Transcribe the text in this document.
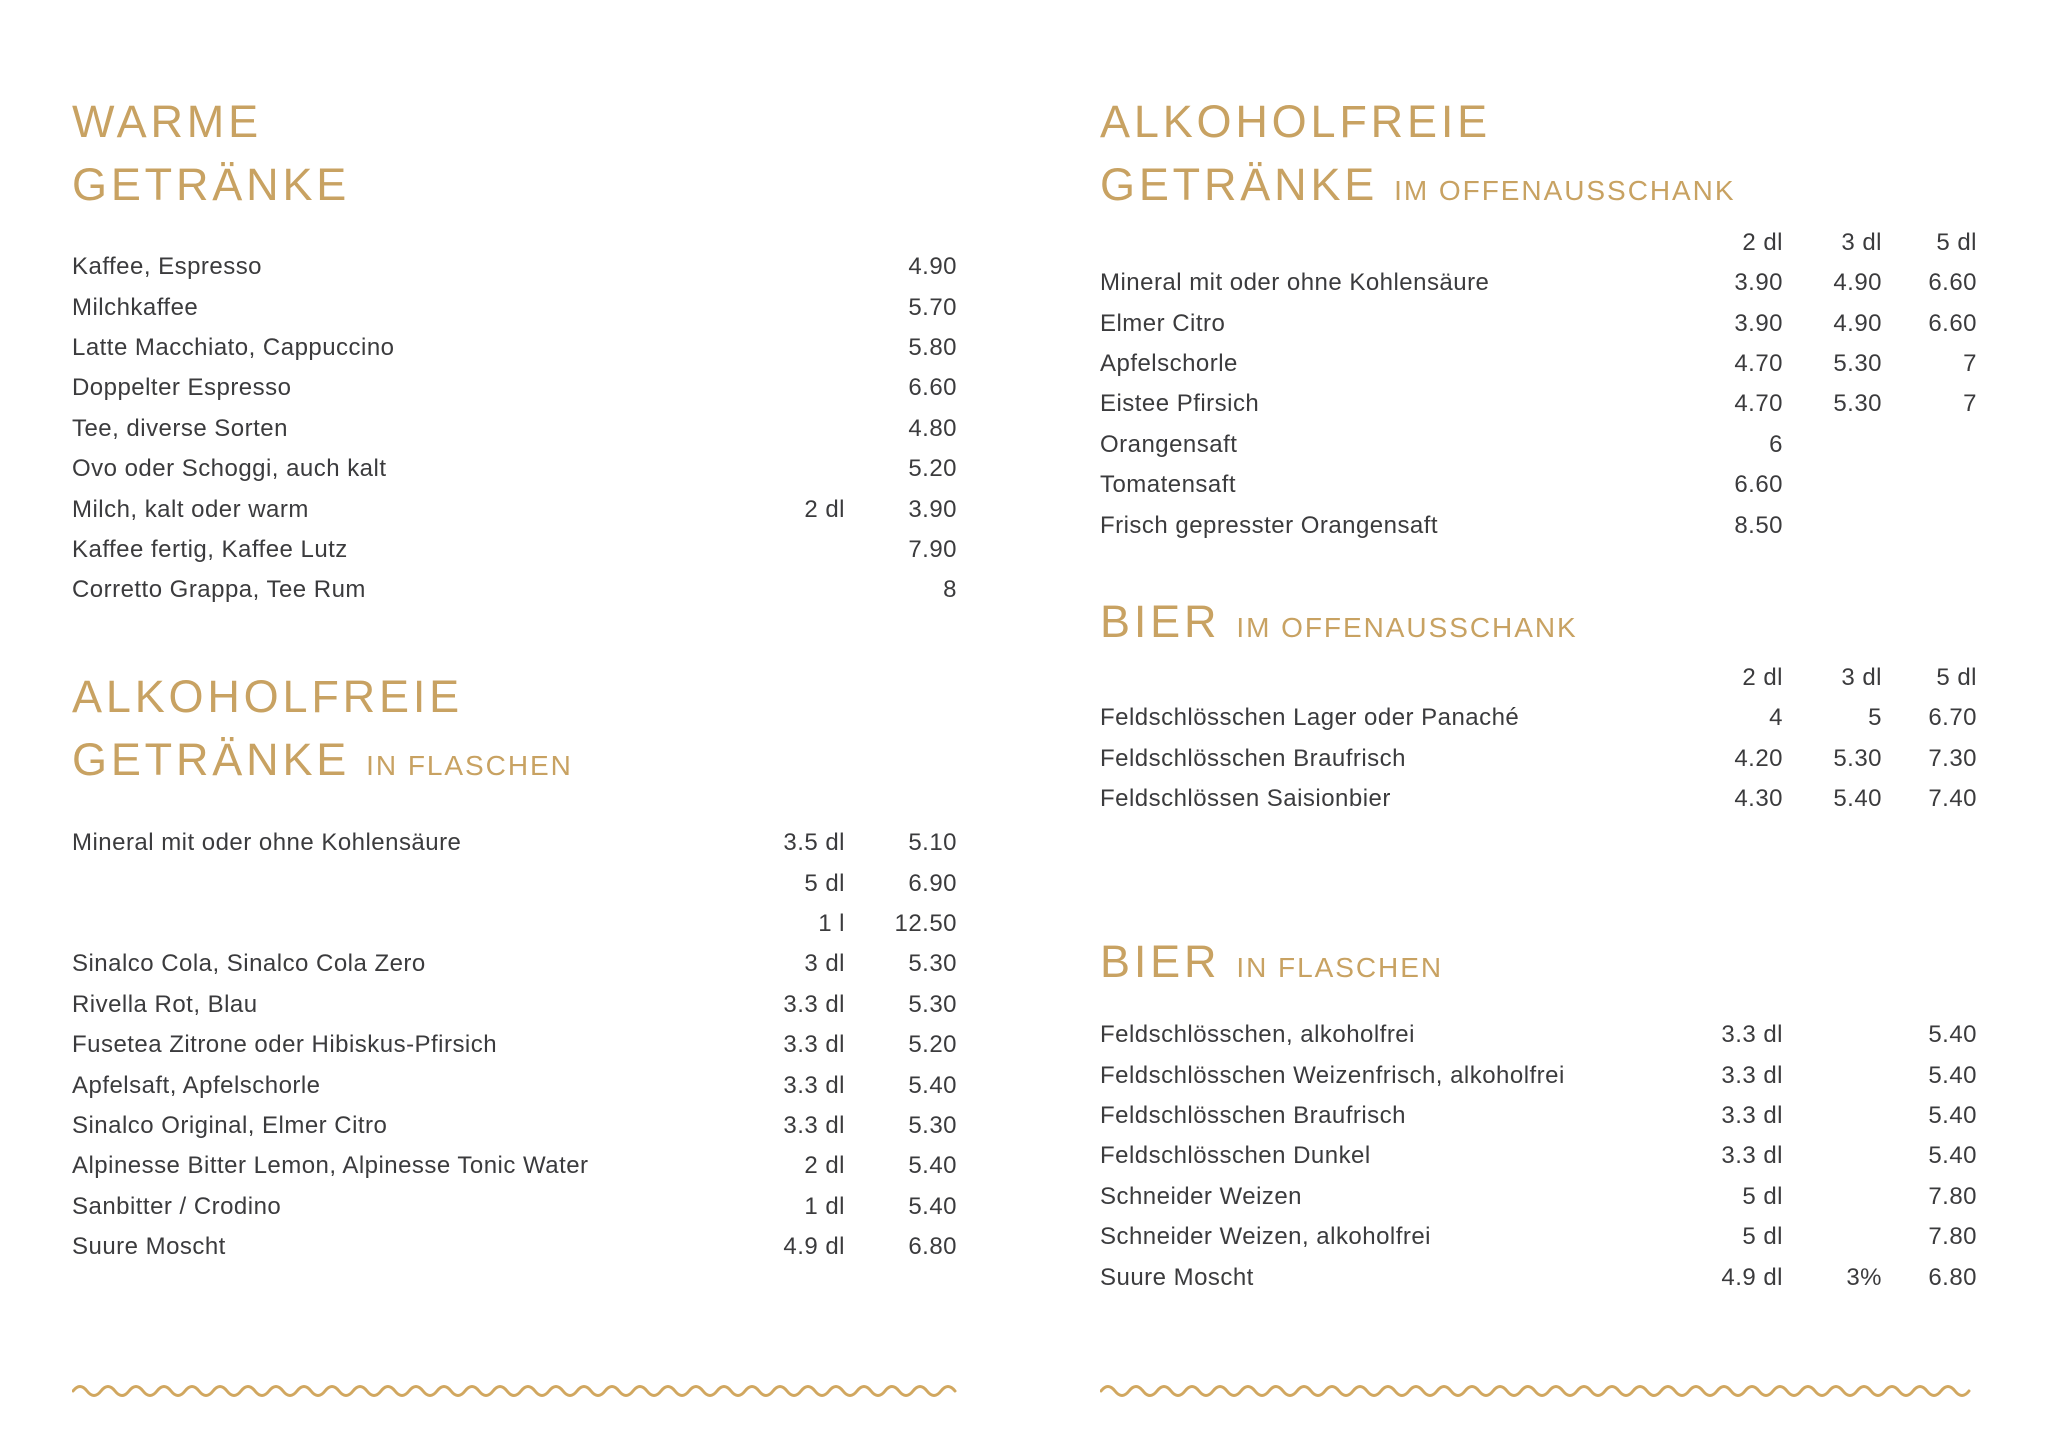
WARME
GETRÄNKE
Kaffee, Espresso	4.90
Milchkaffee	5.70
Latte Macchiato, Cappuccino	5.80
Doppelter Espresso	6.60
Tee, diverse Sorten	4.80
Ovo oder Schoggi, auch kalt	5.20
Milch, kalt oder warm	2 dl	3.90
Kaffee fertig, Kaffee Lutz	7.90
Corretto Grappa, Tee Rum	8
ALKOHOLFREIE
GETRÄNKE IN FLASCHEN
Mineral mit oder ohne Kohlensäure	3.5 dl	5.10
5 dl	6.90
1 l	12.50
Sinalco Cola, Sinalco Cola Zero	3 dl	5.30
Rivella Rot, Blau	3.3 dl	5.30
Fusetea Zitrone oder Hibiskus-Pfirsich	3.3 dl	5.20
Apfelsaft, Apfelschorle	3.3 dl	5.40
Sinalco Original, Elmer Citro	3.3 dl	5.30
Alpinesse Bitter Lemon, Alpinesse Tonic Water	2 dl	5.40
Sanbitter / Crodino	1 dl	5.40
Suure Moscht	4.9 dl	6.80
ALKOHOLFREIE
GETRÄNKE IM OFFENAUSSCHANK
2 dl	3 dl	5 dl
Mineral mit oder ohne Kohlensäure	3.90	4.90	6.60
Elmer Citro	3.90	4.90	6.60
Apfelschorle	4.70	5.30	7
Eistee Pfirsich	4.70	5.30	7
Orangensaft	6
Tomatensaft	6.60
Frisch gepresster Orangensaft	8.50
BIER IM OFFENAUSSCHANK
2 dl	3 dl	5 dl
Feldschlösschen Lager oder Panaché	4	5	6.70
Feldschlösschen Braufrisch	4.20	5.30	7.30
Feldschlössen Saisionbier	4.30	5.40	7.40
BIER IN FLASCHEN
Feldschlösschen, alkoholfrei	3.3 dl	5.40
Feldschlösschen Weizenfrisch, alkoholfrei	3.3 dl	5.40
Feldschlösschen Braufrisch	3.3 dl	5.40
Feldschlösschen Dunkel	3.3 dl	5.40
Schneider Weizen	5 dl	7.80
Schneider Weizen, alkoholfrei	5 dl	7.80
Suure Moscht	4.9 dl	3%	6.80
